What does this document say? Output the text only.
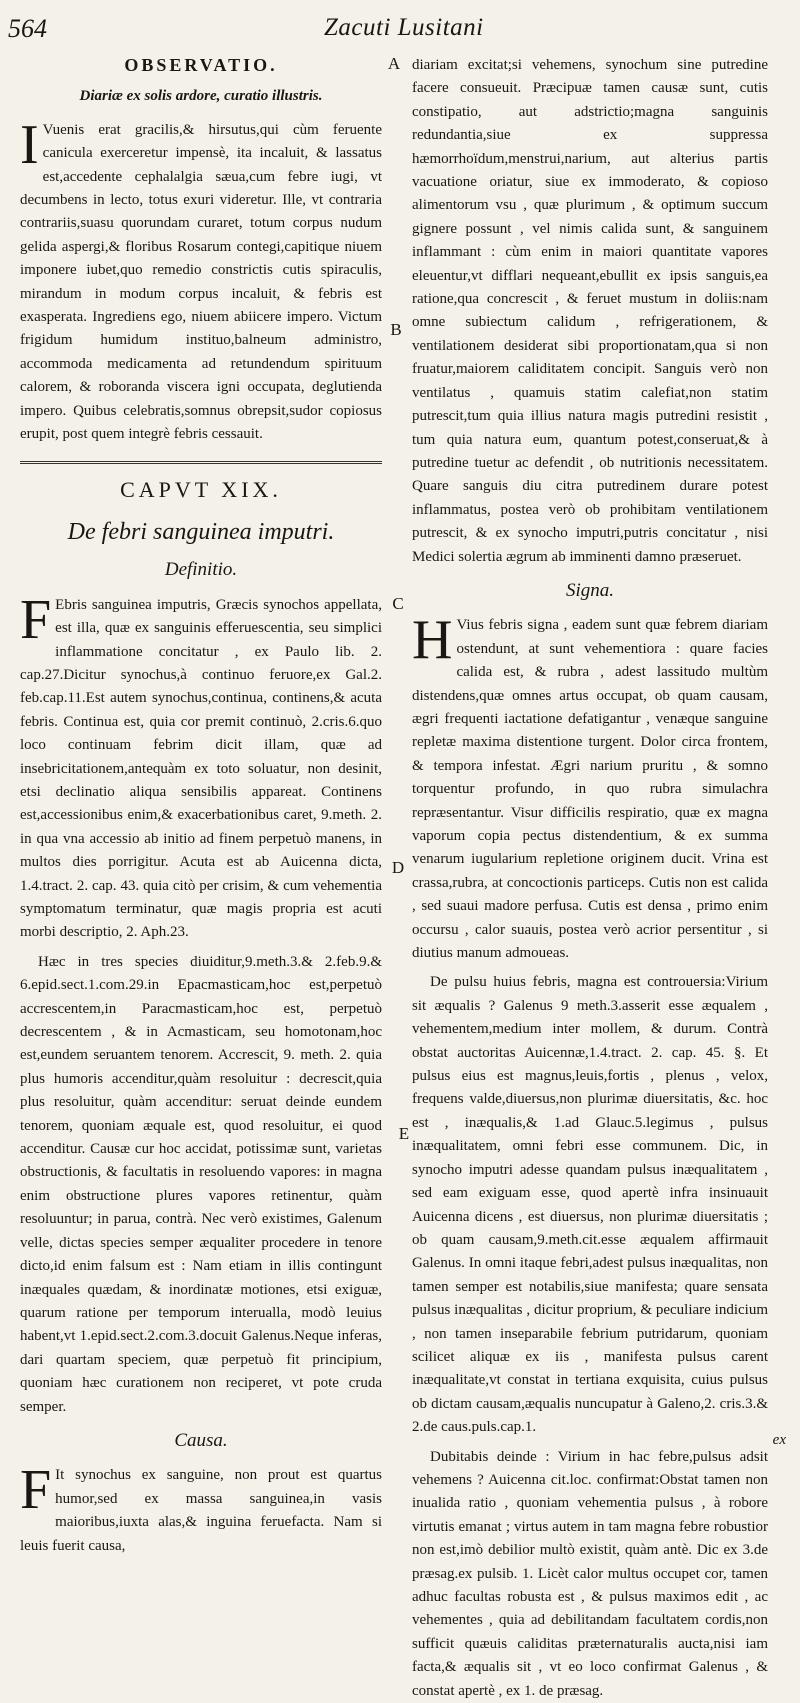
564	Zacuti Lusitani
A
B
C
D
E
OBSERVATIO.
Diariæ ex solis ardore, curatio illustris.

IVuenis erat gracilis,& hirsutus,qui cùm feruente canicula exerceretur impensè, ita incaluit, & lassatus est,accedente cephalalgia sæua,cum febre iugi, vt decumbens in lecto, totus exuri videretur. Ille, vt contraria contrariis,suasu quorundam curaret, totum corpus nudum gelida aspergi,& floribus Rosarum contegi,capitique niuem imponere iubet,quo remedio constrictis cutis spiraculis, mirandum in modum corpus incaluit, & febris est exasperata. Ingrediens ego, niuem abiicere impero. Victum frigidum humidum instituo,balneum administro, accommoda medicamenta ad retundendum spirituum calorem, & roboranda viscera igni occupata, deglutienda impero. Quibus celebratis,somnus obrepsit,sudor copiosus erupit, post quem integrè febris cessauit.

CAPVT XIX.
De febri sanguinea imputri.
Definitio.

FEbris sanguinea imputris, Græcis synochos appellata, est illa, quæ ex sanguinis efferuescentia, seu simplici inflammatione concitatur , ex Paulo lib. 2. cap.27.Dicitur synochus,à continuo feruore,ex Gal.2. feb.cap.11.Est autem synochus,continua, continens,& acuta febris. Continua est, quia cor premit continuò, 2.cris.6.quo loco continuam febrim dicit illam, quæ ad insebricitationem,antequàm ex toto soluatur, non desinit, etsi declinatio aliqua sensibilis appareat. Continens est,accessionibus enim,& exacerbationibus caret, 9.meth. 2. in qua vna accessio ab initio ad finem perpetuò manens, in multos dies porrigitur. Acuta est ab Auicenna dicta, 1.4.tract. 2. cap. 43. quia citò per crisim, & cum vehementia symptomatum terminatur, quæ magis propria est acuti morbi descriptio, 2. Aph.23.

Hæc in tres species diuiditur,9.meth.3.& 2.feb.9.& 6.epid.sect.1.com.29.in Epacmasticam,hoc est,perpetuò accrescentem,in Paracmasticam,hoc est, perpetuò decrescentem , & in Acmasticam, seu homotonam,hoc est,eundem seruantem tenorem. Accrescit, 9. meth. 2. quia plus humoris accenditur,quàm resoluitur : decrescit,quia plus resoluitur, quàm accenditur: seruat deinde eundem tenorem, quoniam æquale est, quod resoluitur, ei quod accenditur. Causæ cur hoc accidat, potissimæ sunt, varietas obstructionis, & facultatis in resoluendo vapores: in magna enim obstructione plures vapores retinentur, quàm resoluuntur; in parua, contrà. Nec verò existimes, Galenum velle, dictas species semper æqualiter procedere in tenore dicto,id enim falsum est : Nam etiam in illis contingunt inæquales quædam, & inordinatæ motiones, etsi exiguæ, quarum ratione per temporum interualla, modò leuius habent,vt 1.epid.sect.2.com.3.docuit Galenus.Neque inferas, dari quartam speciem, quæ perpetuò fit principium, quoniam hæc curationem non reciperet, vt pote cruda semper.

Causa.

FIt synochus ex sanguine, non prout est quartus humor,sed ex massa sanguinea,in vasis maioribus,iuxta alas,& inguina feruefacta. Nam si leuis fuerit causa,

diariam excitat;si vehemens, synochum sine putredine facere consueuit. Præcipuæ tamen causæ sunt, cutis constipatio, aut adstrictio;magna sanguinis redundantia,siue ex suppressa hæmorrhoïdum,menstrui,narium, aut alterius partis vacuatione oriatur, siue ex immoderato, & copioso alimentorum vsu , quæ plurimum , & optimum succum gignere possunt , vel nimis calida sunt, & sanguinem inflammant : cùm enim in maiori quantitate vapores eleuentur,vt difflari nequeant,ebullit ex ipsis sanguis,ea ratione,qua concrescit , & feruet mustum in doliis:nam omne subiectum calidum , refrigerationem, & ventilationem desiderat sibi proportionatam,qua si non fruatur,maiorem caliditatem concipit. Sanguis verò non ventilatus , quamuis statim calefiat,non statim putrescit,tum quia illius natura magis putredini resistit , tum quia natura eum, quantum potest,conseruat,& à putredine tuetur ac defendit , ob nutritionis necessitatem. Quare sanguis diu citra putredinem durare potest inflammatus, postea verò ob prohibitam ventilationem putrescit, & ex synocho imputri,putris concitatur , nisi Medici solertia ægrum ab imminenti damno præseruet.

Signa.

HVius febris signa , eadem sunt quæ febrem diariam ostendunt, at sunt vehementiora : quare facies calida est, & rubra , adest lassitudo multùm distendens,quæ omnes artus occupat, ob quam causam, ægri frequenti iactatione defatigantur , venæque sanguine repletæ maxima distentione turgent. Dolor circa frontem, & tempora infestat. Ægri narium pruritu , & somno torquentur profundo, in quo rubra simulachra repræsentantur. Visur difficilis respiratio, quæ ex magna vaporum copia pectus distendentium, & ex summa venarum iugularium repletione originem ducit. Vrina est crassa,rubra, at concoctionis particeps. Cutis non est calida , sed suaui madore perfusa. Cutis est densa , primo enim occursu , calor suauis, postea verò acrior persentitur , si diutius manum admoueas.

De pulsu huius febris, magna est controuersia:Virium sit æqualis ? Galenus 9 meth.3.asserit esse æqualem , vehementem,medium inter mollem, & durum. Contrà obstat auctoritas Auicennæ,1.4.tract. 2. cap. 45. §. Et pulsus eius est magnus,leuis,fortis , plenus , velox, frequens valde,diuersus,non plurimæ diuersitatis, &c. hoc est , inæqualis,& 1.ad Glauc.5.legimus , pulsus inæqualitatem, omni febri esse communem. Dic, in synocho imputri adesse quandam pulsus inæqualitatem , sed eam exiguam esse, quod apertè infra insinuauit Auicenna dicens , est diuersus, non plurimæ diuersitatis ; ob quam causam,9.meth.cit.esse æqualem affirmauit Galenus. In omni itaque febri,adest pulsus inæqualitas, non tamen semper est notabilis,siue manifesta; quare sensata pulsus inæqualitas , dicitur proprium, & peculiare indicium , non tamen inseparabile febrium putridarum, quoniam scilicet aliquæ ex iis , manifesta pulsus carent inæqualitate,vt constat in tertiana exquisita, cuius pulsus ob dictam causam,æqualis nuncupatur à Galeno,2. cris.3.& 2.de caus.puls.cap.1.

Dubitabis deinde : Virium in hac febre,pulsus adsit vehemens ? Auicenna cit.loc. confirmat:Obstat tamen non inualida ratio , quoniam vehementia pulsus , à robore virtutis emanat ; virtus autem in tam magna febre robustior non est,imò debilior multò existit, quàm antè. Dic ex 3.de præsag.ex pulsib. 1. Licèt calor multus occupet cor, tamen adhuc facultas robusta est , & pulsus maximos edit , ac vehementes , quia ad debilitandam facultatem cordis,non sufficit quæuis caliditas præternaturalis aucta,nisi iam facta,& æqualis sit , vt eo loco confirmat Galenus , & constat apertè , ex 1. de præsag.

ex
